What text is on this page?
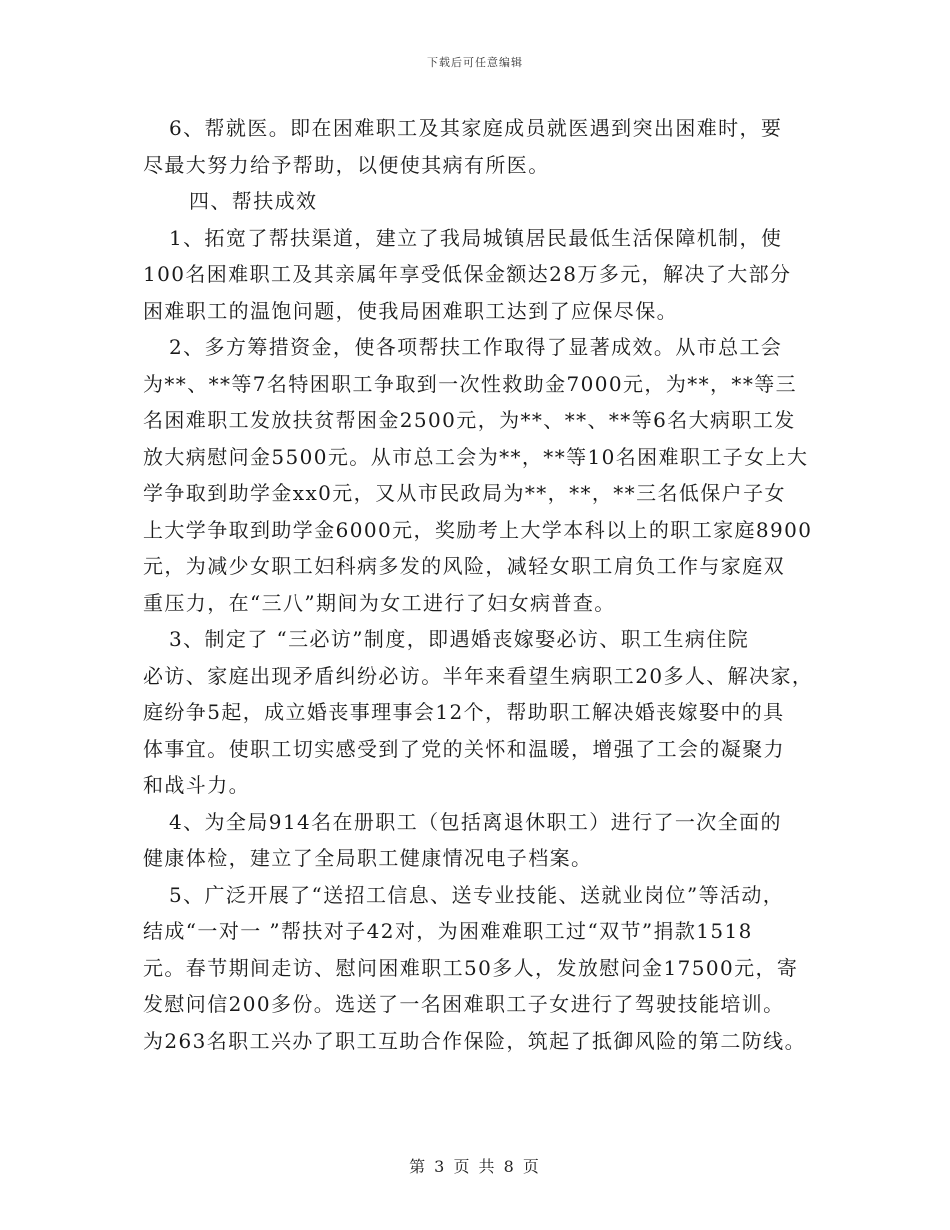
下载后可任意编辑
6、帮就医。即在困难职工及其家庭成员就医遇到突出困难时，要
尽最大努力给予帮助，以便使其病有所医。
四、帮扶成效
1、拓宽了帮扶渠道，建立了我局城镇居民最低生活保障机制，使
100名困难职工及其亲属年享受低保金额达28万多元，解决了大部分
困难职工的温饱问题，使我局困难职工达到了应保尽保。
2、多方筹措资金，使各项帮扶工作取得了显著成效。从市总工会
为**、**等7名特困职工争取到一次性救助金7000元，为**，**等三
名困难职工发放扶贫帮困金2500元，为**、**、**等6名大病职工发
放大病慰问金5500元。从市总工会为**，**等10名困难职工子女上大
学争取到助学金xx0元，又从市民政局为**，**，**三名低保户子女
上大学争取到助学金6000元，奖励考上大学本科以上的职工家庭8900
元，为减少女职工妇科病多发的风险，减轻女职工肩负工作与家庭双
重压力，在“三八”期间为女工进行了妇女病普查。
3、制定了 “三必访”制度，即遇婚丧嫁娶必访、职工生病住院
必访、家庭出现矛盾纠纷必访。半年来看望生病职工20多人、解决家，
庭纷争5起，成立婚丧事理事会12个，帮助职工解决婚丧嫁娶中的具
体事宜。使职工切实感受到了党的关怀和温暖，增强了工会的凝聚力
和战斗力。
4、为全局914名在册职工（包括离退休职工）进行了一次全面的
健康体检，建立了全局职工健康情况电子档案。
5、广泛开展了“送招工信息、送专业技能、送就业岗位”等活动，
结成“一对一 ”帮扶对子42对，为困难难职工过“双节”捐款1518
元。春节期间走访、慰问困难职工50多人，发放慰问金17500元，寄
发慰问信200多份。选送了一名困难职工子女进行了驾驶技能培训。
为263名职工兴办了职工互助合作保险，筑起了抵御风险的第二防线。
第 3 页 共 8 页
